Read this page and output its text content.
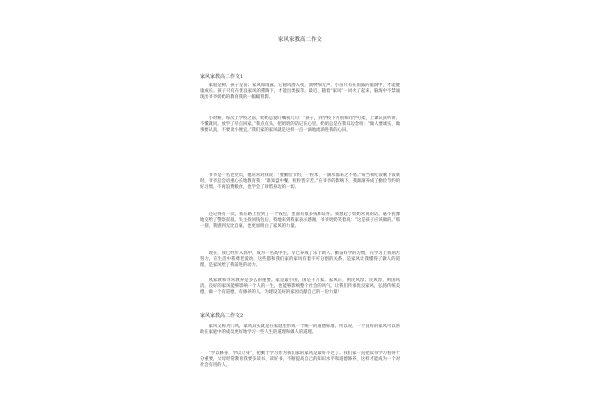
家风家教高二作文
家风家教高二作文1

家庭是树，孩子是苗；家风如雨露，它随风潜入夜，润物细无声，小苗只有在雨露的滋润中，才能健康成长。孩子只有在优良家风的熏陶下，才能出类拔萃。最近，随着“家风”一词火了起来，脑海中不禁涌现出爷爷奶奶的教育我的一幅幅背影。

小时候，每次上学校之前，奶奶总爱叮嘱我几句：“孩子，到学校下方别和同学打架，上课认真听讲，不懂就问，放学了早点回家。”我点点头，把奶奶的话记在心里。奶奶总是在我耳边念叨：“做人要诚实，做事要认真，不要贪小便宜。”我们家的家风就是这样一点一滴地流淌进我的心田。

爷爷是一名老党员，他常常对我说：“要勤俭节约，一粒米、一滴水都来之不易。”每当我吃饭剩下饭菜时，爷爷总会语重心长地教育我：“谁知盘中餐，粒粒皆辛苦。”在爷爷的影响下，我渐渐养成了勤俭节约的好习惯，不再浪费粮食，也学会了珍惜身边的一切。

还记得有一次，我在路上捡到了一个钱包，里面有很多钱和证件。我想起了奶奶常说的话，毫不犹豫地交给了警察叔叔。失主找回钱包后，特地来到我家表示感谢，爷爷奶奶笑着说：“这是孩子应该做的。”那一刻，我感到无比自豪，也更加明白了家风的力量。

现在，我已经步入高中，成为一名高中生。早已养成了乐于助人、勤奋好学的习惯，在学习上我刻苦努力，在生活中我尊老爱幼，这些都和我们家的家风有着不可分割的关系。是家风让我懂得了做人的道理，是家风给了我前进的动力。

风家教和寻常教养是多么的重要。家是最小国，国是千万家。家风正，则民风淳；民风淳，则国风清。良好的家风能够影响一个人的一生，也能够影响整个社会的风气。让我们传承优良家风，弘扬传统美德，做一个有道德、有修养的人，为建设美好的家园贡献自己的一份力量！

家风家教高二作文2

家风又称为门风，家风其实就是在家庭里形成一个统一的道德标准，所以说，一个良好的家风可以帮助在家庭中的成员更好地学习一些人生的道理和做人的道理。

“学以修身，学以立身”，把勤于学习作为我们家的家风是最好不过了。我们家一直把读书学习看得十分重要，父母经常教育我要多读书、读好书，不断提高自己的知识水平和道德修养，这样才能成为一个对社会有用的人。
